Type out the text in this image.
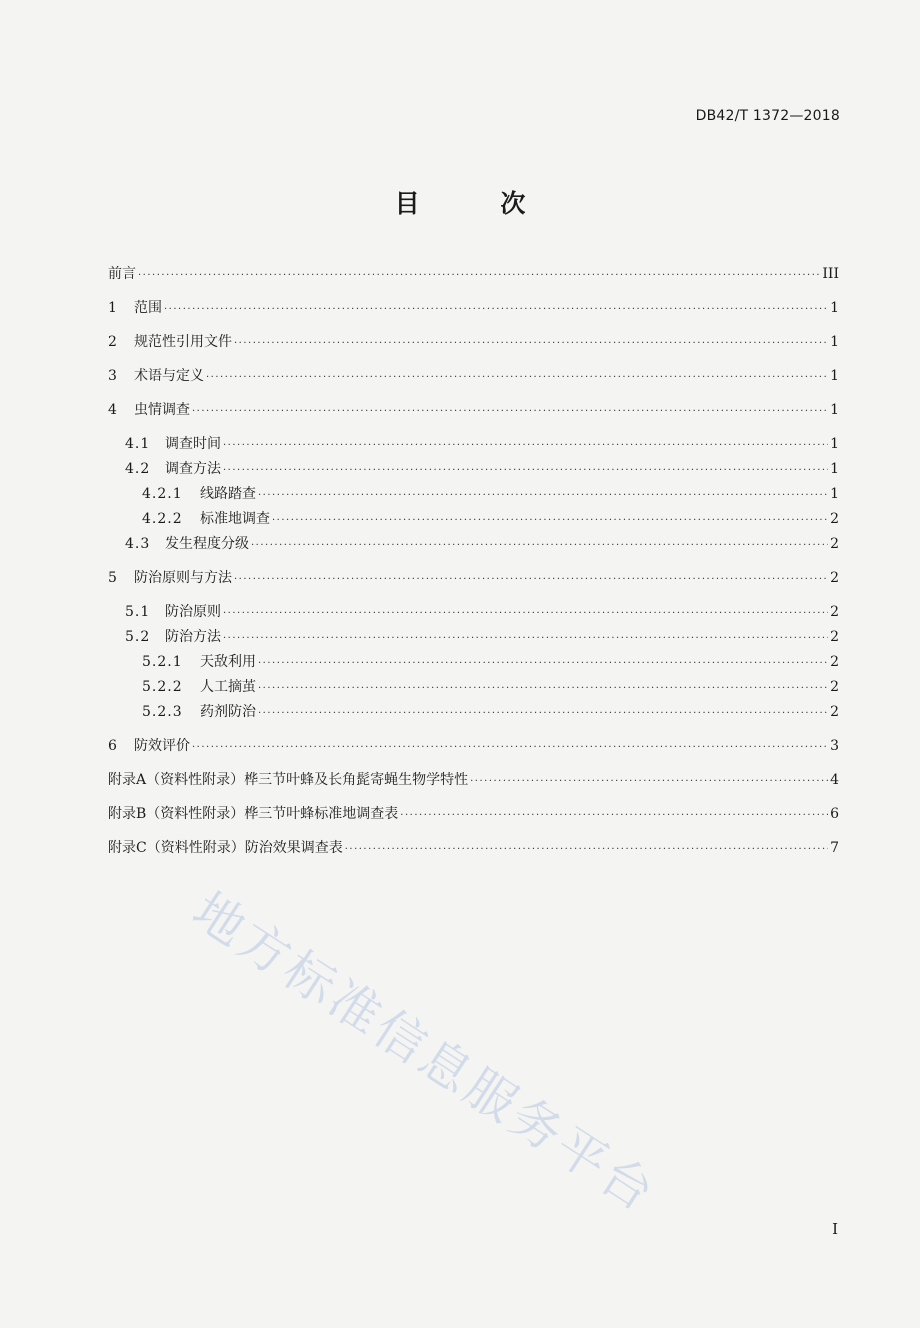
DB42/T 1372—2018
目 次
前言 ·····	III
1	范围 ·····	1
2	规范性引用文件 ·····	1
3	术语与定义 ·····	1
4	虫情调查 ·····	1
4.1	调查时间 ·····	1
4.2	调查方法 ·····	1
4.2.1	线路踏查 ·····	1
4.2.2	标准地调查 ·····	2
4.3	发生程度分级 ·····	2
5	防治原则与方法 ·····	2
5.1	防治原则 ·····	2
5.2	防治方法 ·····	2
5.2.1	天敌利用 ·····	2
5.2.2	人工摘茧 ·····	2
5.2.3	药剂防治 ·····	2
6	防效评价 ·····	3
附录A（资料性附录）桦三节叶蜂及长角髭寄蝇生物学特性 ·····	4
附录B（资料性附录）桦三节叶蜂标准地调查表 ·····	6
附录C（资料性附录）防治效果调查表 ·····	7
地方标准信息服务平台
I
